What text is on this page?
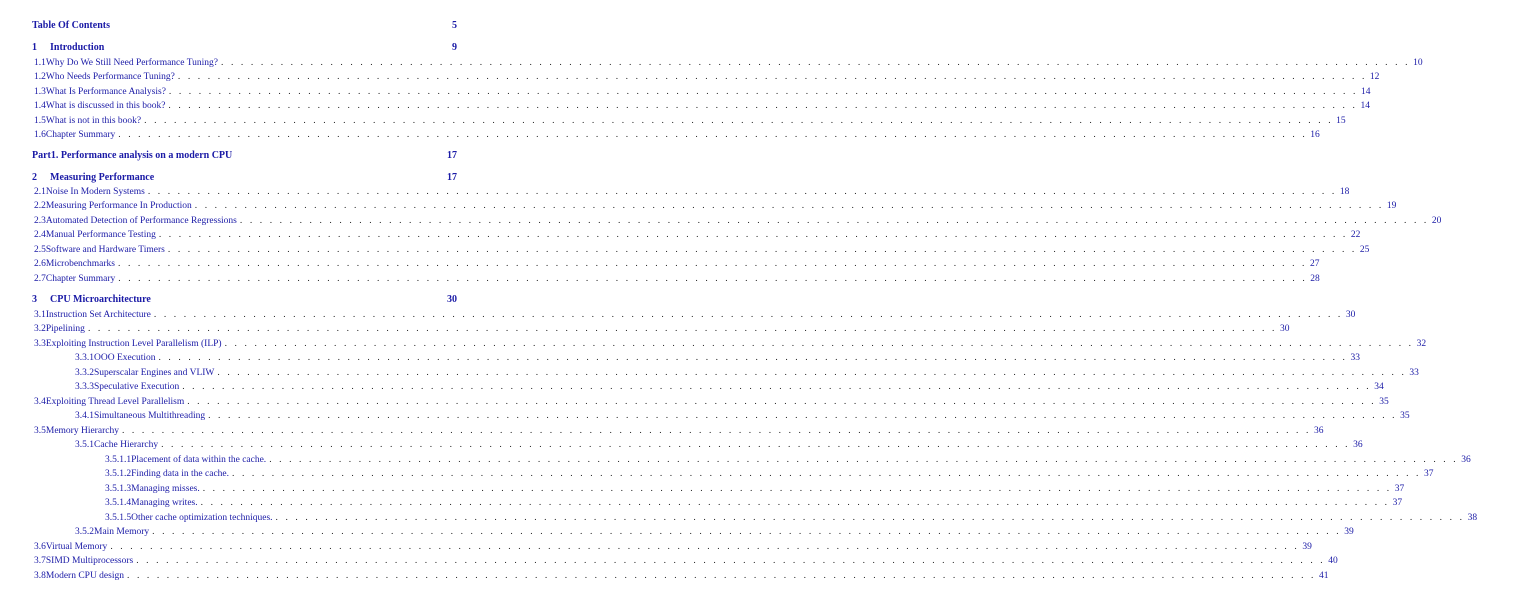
Table Of Contents	5
1	Introduction	9
1.1 Why Do We Still Need Performance Tuning? . . . . . . . . . . . . . . . . . . . . . . . . . . . . . . . . . . . . . . . . . . . . . . . . . . . . . . . . . . . . . . . . . . . . . . . . . . . . . . . . . . . . . . . . . . . . . . . . . . . . . . . . . . . . . . . . . . . . . . . . 10
1.2 Who Needs Performance Tuning? . . . . . . . . . . . . . . . . . . . . . . . . . . . . . . . . . . . . . . . . . . . . . . . . . . . . . . . . . . . . . . . . . . . . . . . . . . . . . . . . . . . . . . . . . . . . . . . . . . . . . . . . . . . . . . . . . . . . . . . . 12
1.3 What Is Performance Analysis? . . . . . . . . . . . . . . . . . . . . . . . . . . . . . . . . . . . . . . . . . . . . . . . . . . . . . . . . . . . . . . . . . . . . . . . . . . . . . . . . . . . . . . . . . . . . . . . . . . . . . . . . . . . . . . . . . . . . . . . . 14
1.4 What is discussed in this book? . . . . . . . . . . . . . . . . . . . . . . . . . . . . . . . . . . . . . . . . . . . . . . . . . . . . . . . . . . . . . . . . . . . . . . . . . . . . . . . . . . . . . . . . . . . . . . . . . . . . . . . . . . . . . . . . . . . . . . . . 14
1.5 What is not in this book? . . . . . . . . . . . . . . . . . . . . . . . . . . . . . . . . . . . . . . . . . . . . . . . . . . . . . . . . . . . . . . . . . . . . . . . . . . . . . . . . . . . . . . . . . . . . . . . . . . . . . . . . . . . . . . . . . . . . . . . . 15
1.6 Chapter Summary . . . . . . . . . . . . . . . . . . . . . . . . . . . . . . . . . . . . . . . . . . . . . . . . . . . . . . . . . . . . . . . . . . . . . . . . . . . . . . . . . . . . . . . . . . . . . . . . . . . . . . . . . . . . . . . . . . . . . . . . 16
Part1. Performance analysis on a modern CPU	17
2	Measuring Performance	17
2.1 Noise In Modern Systems . . . . . . . . . . . . . . . . . . . . . . . . . . . . . . . . . . . . . . . . . . . . . . . . . . . . . . . . . . . . . . . . . . . . . . . . . . . . . . . . . . . . . . . . . . . . . . . . . . . . . . . . . . . . . . . . . . . . . . . . 18
2.2 Measuring Performance In Production . . . . . . . . . . . . . . . . . . . . . . . . . . . . . . . . . . . . . . . . . . . . . . . . . . . . . . . . . . . . . . . . . . . . . . . . . . . . . . . . . . . . . . . . . . . . . . . . . . . . . . . . . . . . . . . . . . . . . . . . 19
2.3 Automated Detection of Performance Regressions . . . . . . . . . . . . . . . . . . . . . . . . . . . . . . . . . . . . . . . . . . . . . . . . . . . . . . . . . . . . . . . . . . . . . . . . . . . . . . . . . . . . . . . . . . . . . . . . . . . . . . . . . . . . . . . . . . . . . . . . 20
2.4 Manual Performance Testing . . . . . . . . . . . . . . . . . . . . . . . . . . . . . . . . . . . . . . . . . . . . . . . . . . . . . . . . . . . . . . . . . . . . . . . . . . . . . . . . . . . . . . . . . . . . . . . . . . . . . . . . . . . . . . . . . . . . . . . . 22
2.5 Software and Hardware Timers . . . . . . . . . . . . . . . . . . . . . . . . . . . . . . . . . . . . . . . . . . . . . . . . . . . . . . . . . . . . . . . . . . . . . . . . . . . . . . . . . . . . . . . . . . . . . . . . . . . . . . . . . . . . . . . . . . . . . . . . 25
2.6 Microbenchmarks . . . . . . . . . . . . . . . . . . . . . . . . . . . . . . . . . . . . . . . . . . . . . . . . . . . . . . . . . . . . . . . . . . . . . . . . . . . . . . . . . . . . . . . . . . . . . . . . . . . . . . . . . . . . . . . . . . . . . . . . 27
2.7 Chapter Summary . . . . . . . . . . . . . . . . . . . . . . . . . . . . . . . . . . . . . . . . . . . . . . . . . . . . . . . . . . . . . . . . . . . . . . . . . . . . . . . . . . . . . . . . . . . . . . . . . . . . . . . . . . . . . . . . . . . . . . . . 28
3	CPU Microarchitecture	30
3.1 Instruction Set Architecture . . . . . . . . . . . . . . . . . . . . . . . . . . . . . . . . . . . . . . . . . . . . . . . . . . . . . . . . . . . . . . . . . . . . . . . . . . . . . . . . . . . . . . . . . . . . . . . . . . . . . . . . . . . . . . . . . . . . . . . . 30
3.2 Pipelining . . . . . . . . . . . . . . . . . . . . . . . . . . . . . . . . . . . . . . . . . . . . . . . . . . . . . . . . . . . . . . . . . . . . . . . . . . . . . . . . . . . . . . . . . . . . . . . . . . . . . . . . . . . . . . . . . . . . . . . . 30
3.3 Exploiting Instruction Level Parallelism (ILP) . . . . . . . . . . . . . . . . . . . . . . . . . . . . . . . . . . . . . . . . . . . . . . . . . . . . . . . . . . . . . . . . . . . . . . . . . . . . . . . . . . . . . . . . . . . . . . . . . . . . . . . . . . . . . . . . . . . . . . . . 32
3.3.1 OOO Execution . . . . . . . . . . . . . . . . . . . . . . . . . . . . . . . . . . . . . . . . . . . . . . . . . . . . . . . . . . . . . . . . . . . . . . . . . . . . . . . . . . . . . . . . . . . . . . . . . . . . . . . . . . . . . . . . . . . . . . . . 33
3.3.2 Superscalar Engines and VLIW . . . . . . . . . . . . . . . . . . . . . . . . . . . . . . . . . . . . . . . . . . . . . . . . . . . . . . . . . . . . . . . . . . . . . . . . . . . . . . . . . . . . . . . . . . . . . . . . . . . . . . . . . . . . . . . . . . . . . . . . 33
3.3.3 Speculative Execution . . . . . . . . . . . . . . . . . . . . . . . . . . . . . . . . . . . . . . . . . . . . . . . . . . . . . . . . . . . . . . . . . . . . . . . . . . . . . . . . . . . . . . . . . . . . . . . . . . . . . . . . . . . . . . . . . . . . . . . . 34
3.4 Exploiting Thread Level Parallelism . . . . . . . . . . . . . . . . . . . . . . . . . . . . . . . . . . . . . . . . . . . . . . . . . . . . . . . . . . . . . . . . . . . . . . . . . . . . . . . . . . . . . . . . . . . . . . . . . . . . . . . . . . . . . . . . . . . . . . . . 35
3.4.1 Simultaneous Multithreading . . . . . . . . . . . . . . . . . . . . . . . . . . . . . . . . . . . . . . . . . . . . . . . . . . . . . . . . . . . . . . . . . . . . . . . . . . . . . . . . . . . . . . . . . . . . . . . . . . . . . . . . . . . . . . . . . . . . . . . . 35
3.5 Memory Hierarchy . . . . . . . . . . . . . . . . . . . . . . . . . . . . . . . . . . . . . . . . . . . . . . . . . . . . . . . . . . . . . . . . . . . . . . . . . . . . . . . . . . . . . . . . . . . . . . . . . . . . . . . . . . . . . . . . . . . . . . . . 36
3.5.1 Cache Hierarchy . . . . . . . . . . . . . . . . . . . . . . . . . . . . . . . . . . . . . . . . . . . . . . . . . . . . . . . . . . . . . . . . . . . . . . . . . . . . . . . . . . . . . . . . . . . . . . . . . . . . . . . . . . . . . . . . . . . . . . . . 36
3.5.1.1 Placement of data within the cache. . . . . . . . . . . . . . . . . . . . . . . . . . . . . . . . . . . . . . . . . . . . . . . . . . . . . . . . . . . . . . . . . . . . . . . . . . . . . . . . . . . . . . . . . . . . . . . . . . . . . . . . . . . . . . . . . . . . . . . . . 36
3.5.1.2 Finding data in the cache. . . . . . . . . . . . . . . . . . . . . . . . . . . . . . . . . . . . . . . . . . . . . . . . . . . . . . . . . . . . . . . . . . . . . . . . . . . . . . . . . . . . . . . . . . . . . . . . . . . . . . . . . . . . . . . . . . . . . . . . . 37
3.5.1.3 Managing misses. . . . . . . . . . . . . . . . . . . . . . . . . . . . . . . . . . . . . . . . . . . . . . . . . . . . . . . . . . . . . . . . . . . . . . . . . . . . . . . . . . . . . . . . . . . . . . . . . . . . . . . . . . . . . . . . . . . . . . . . . 37
3.5.1.4 Managing writes. . . . . . . . . . . . . . . . . . . . . . . . . . . . . . . . . . . . . . . . . . . . . . . . . . . . . . . . . . . . . . . . . . . . . . . . . . . . . . . . . . . . . . . . . . . . . . . . . . . . . . . . . . . . . . . . . . . . . . . . . 37
3.5.1.5 Other cache optimization techniques. . . . . . . . . . . . . . . . . . . . . . . . . . . . . . . . . . . . . . . . . . . . . . . . . . . . . . . . . . . . . . . . . . . . . . . . . . . . . . . . . . . . . . . . . . . . . . . . . . . . . . . . . . . . . . . . . . . . . . . . . 38
3.5.2 Main Memory . . . . . . . . . . . . . . . . . . . . . . . . . . . . . . . . . . . . . . . . . . . . . . . . . . . . . . . . . . . . . . . . . . . . . . . . . . . . . . . . . . . . . . . . . . . . . . . . . . . . . . . . . . . . . . . . . . . . . . . . 39
3.6 Virtual Memory . . . . . . . . . . . . . . . . . . . . . . . . . . . . . . . . . . . . . . . . . . . . . . . . . . . . . . . . . . . . . . . . . . . . . . . . . . . . . . . . . . . . . . . . . . . . . . . . . . . . . . . . . . . . . . . . . . . . . . . . 39
3.7 SIMD Multiprocessors . . . . . . . . . . . . . . . . . . . . . . . . . . . . . . . . . . . . . . . . . . . . . . . . . . . . . . . . . . . . . . . . . . . . . . . . . . . . . . . . . . . . . . . . . . . . . . . . . . . . . . . . . . . . . . . . . . . . . . . . 40
3.8 Modern CPU design . . . . . . . . . . . . . . . . . . . . . . . . . . . . . . . . . . . . . . . . . . . . . . . . . . . . . . . . . . . . . . . . . . . . . . . . . . . . . . . . . . . . . . . . . . . . . . . . . . . . . . . . . . . . . . . . . . . . . . . . 41
